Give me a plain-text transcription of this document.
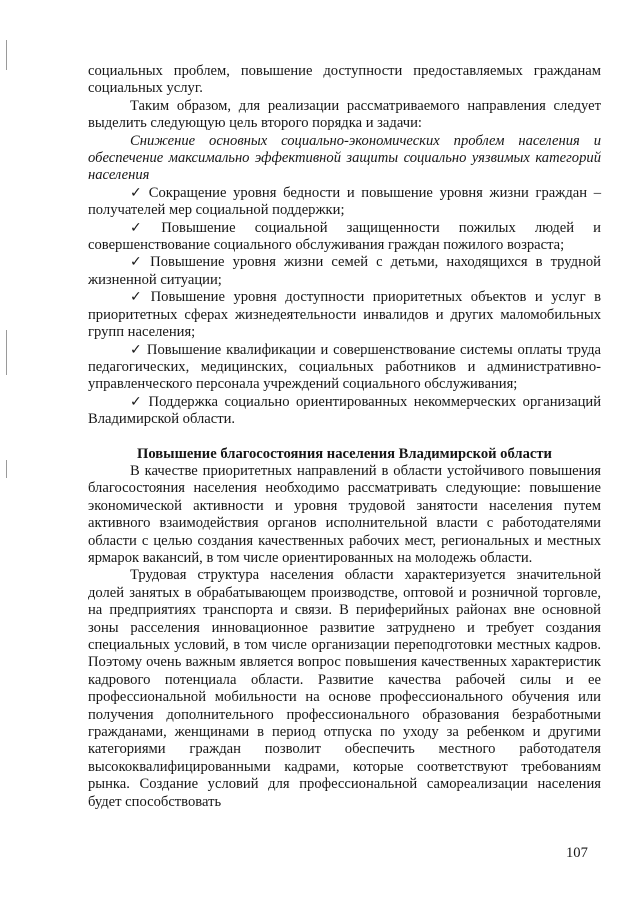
социальных проблем, повышение доступности предоставляемых гражданам социальных услуг.

Таким образом, для реализации рассматриваемого направления следует выделить следующую цель второго порядка и задачи:

Снижение основных социально-экономических проблем населения и обеспечение максимально эффективной защиты социально уязвимых категорий населения

✓ Сокращение уровня бедности и повышение уровня жизни граждан – получателей мер социальной поддержки;

✓ Повышение социальной защищенности пожилых людей и совершенствование социального обслуживания граждан пожилого возраста;

✓ Повышение уровня жизни семей с детьми, находящихся в трудной жизненной ситуации;

✓ Повышение уровня доступности приоритетных объектов и услуг в приоритетных сферах жизнедеятельности инвалидов и других маломобильных групп населения;

✓ Повышение квалификации и совершенствование системы оплаты труда педагогических, медицинских, социальных работников и административно-управленческого персонала учреждений социального обслуживания;

✓ Поддержка социально ориентированных некоммерческих организаций Владимирской области.

Повышение благосостояния населения Владимирской области

В качестве приоритетных направлений в области устойчивого повышения благосостояния населения необходимо рассматривать следующие: повышение экономической активности и уровня трудовой занятости населения путем активного взаимодействия органов исполнительной власти с работодателями области с целью создания качественных рабочих мест, региональных и местных ярмарок вакансий, в том числе ориентированных на молодежь области.

Трудовая структура населения области характеризуется значительной долей занятых в обрабатывающем производстве, оптовой и розничной торговле, на предприятиях транспорта и связи. В периферийных районах вне основной зоны расселения инновационное развитие затруднено и требует создания специальных условий, в том числе организации переподготовки местных кадров. Поэтому очень важным является вопрос повышения качественных характеристик кадрового потенциала области. Развитие качества рабочей силы и ее профессиональной мобильности на основе профессионального обучения или получения дополнительного профессионального образования безработными гражданами, женщинами в период отпуска по уходу за ребенком и другими категориями граждан позволит обеспечить местного работодателя высококвалифицированными кадрами, которые соответствуют требованиям рынка. Создание условий для профессиональной самореализации населения будет способствовать

107
